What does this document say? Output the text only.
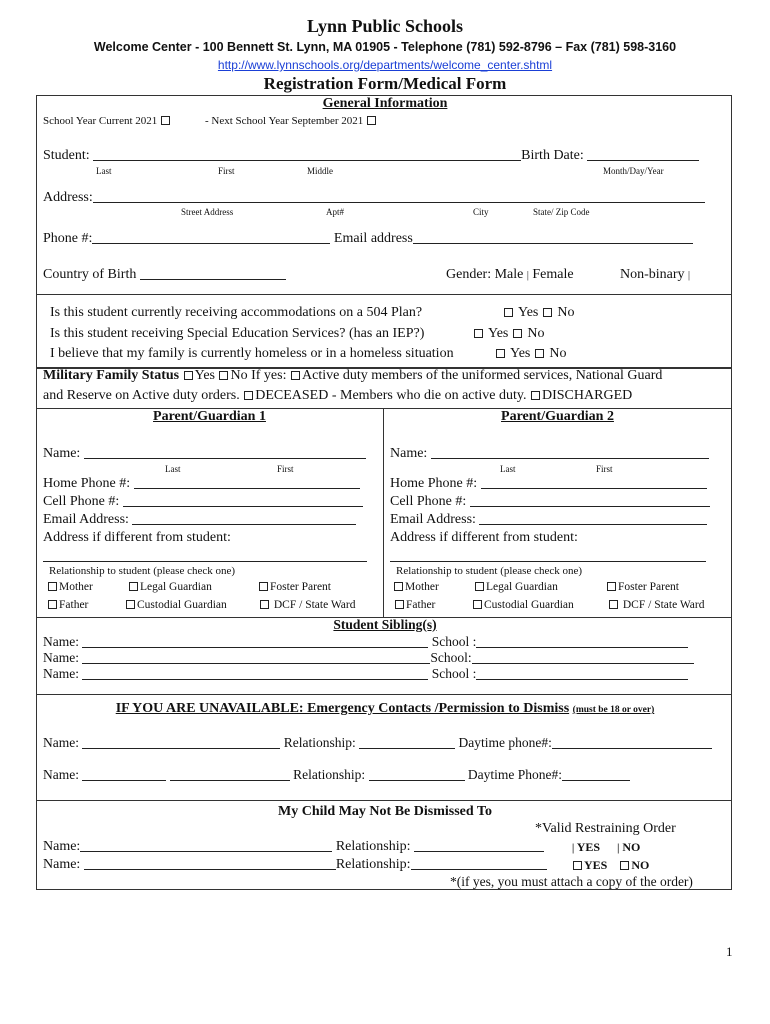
Lynn Public Schools
Welcome Center - 100 Bennett St. Lynn, MA 01905 - Telephone (781) 592-8796 – Fax (781) 598-3160
http://www.lynnschools.org/departments/welcome_center.shtml
Registration Form/Medical Form
General Information
School Year Current 2021	- Next School Year September 2021
Student:	Birth Date:
Last	First	Middle	Month/Day/Year
Address:
Street Address	Apt#	City	State/ Zip Code
Phone #:	Email address
Country of Birth	Gender: Male | Female	Non-binary |
Is this student currently receiving accommodations on a 504 Plan?	Yes No
Is this student receiving Special Education Services? (has an IEP?)	Yes No
I believe that my family is currently homeless or in a homeless situation	Yes No
Military Family Status Yes No If yes: Active duty members of the uniformed services, National Guard
and Reserve on Active duty orders. DECEASED - Members who die on active duty. DISCHARGED
Parent/Guardian 1	Parent/Guardian 2
Name:
Last	First
Home Phone #:
Cell Phone #:
Email Address:
Address if different from student:
Relationship to student (please check one)
Mother	Legal Guardian	Foster Parent
Father	Custodial Guardian	DCF / State Ward
Name:
Last	First
Home Phone #:
Cell Phone #:
Email Address:
Address if different from student:
Relationship to student (please check one)
Mother	Legal Guardian	Foster Parent
Father	Custodial Guardian	DCF / State Ward
Student Sibling(s)
Name:	School :
Name:	School:
Name:	School :
IF YOU ARE UNAVAILABLE: Emergency Contacts /Permission to Dismiss (must be 18 or over)
Name:	Relationship:	Daytime phone#:
Name:	Relationship:	Daytime Phone#:
My Child May Not Be Dismissed To
*Valid Restraining Order
Name:	Relationship:	| YES | NO
Name:	Relationship:	YES NO
*(if yes, you must attach a copy of the order)
1
